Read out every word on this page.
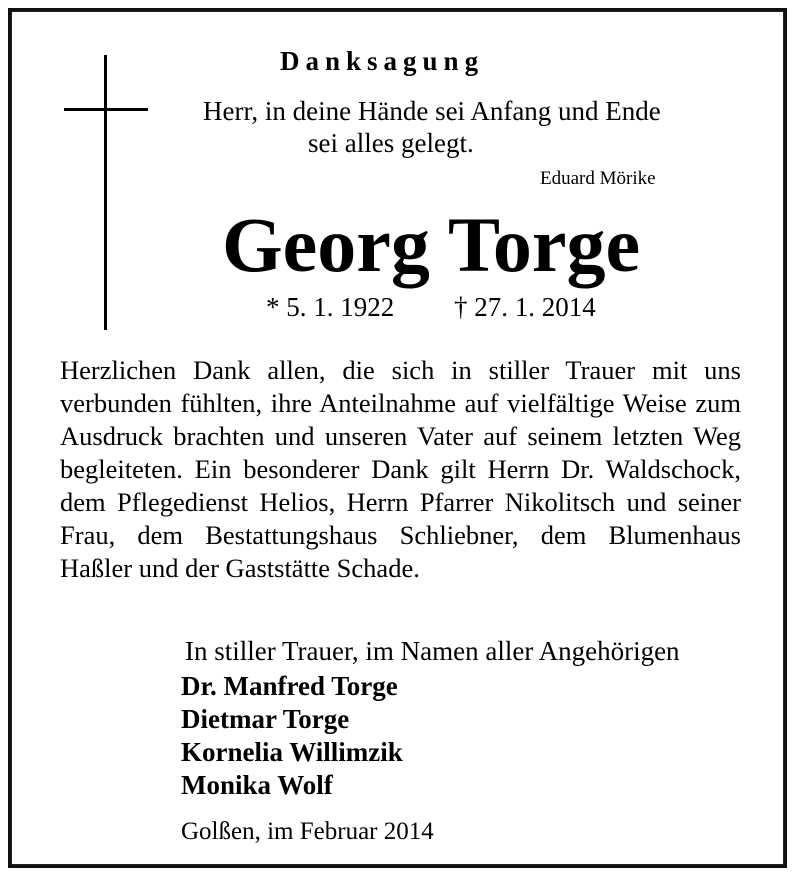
Danksagung
Herr, in deine Hände sei Anfang und Ende
sei alles gelegt.
Eduard Mörike
Georg Torge
* 5. 1. 1922 † 27. 1. 2014
Herzlichen Dank allen, die sich in stiller Trauer mit uns verbunden fühlten, ihre Anteilnahme auf vielfältige Weise zum Ausdruck brachten und unseren Vater auf seinem letzten Weg begleiteten. Ein besonderer Dank gilt Herrn Dr. Waldschock, dem Pflegedienst Helios, Herrn Pfarrer Nikolitsch und seiner Frau, dem Bestattungshaus Schliebner, dem Blumenhaus Haßler und der Gaststätte Schade.
In stiller Trauer, im Namen aller Angehörigen
Dr. Manfred Torge
Dietmar Torge
Kornelia Willimzik
Monika Wolf
Golßen, im Februar 2014
